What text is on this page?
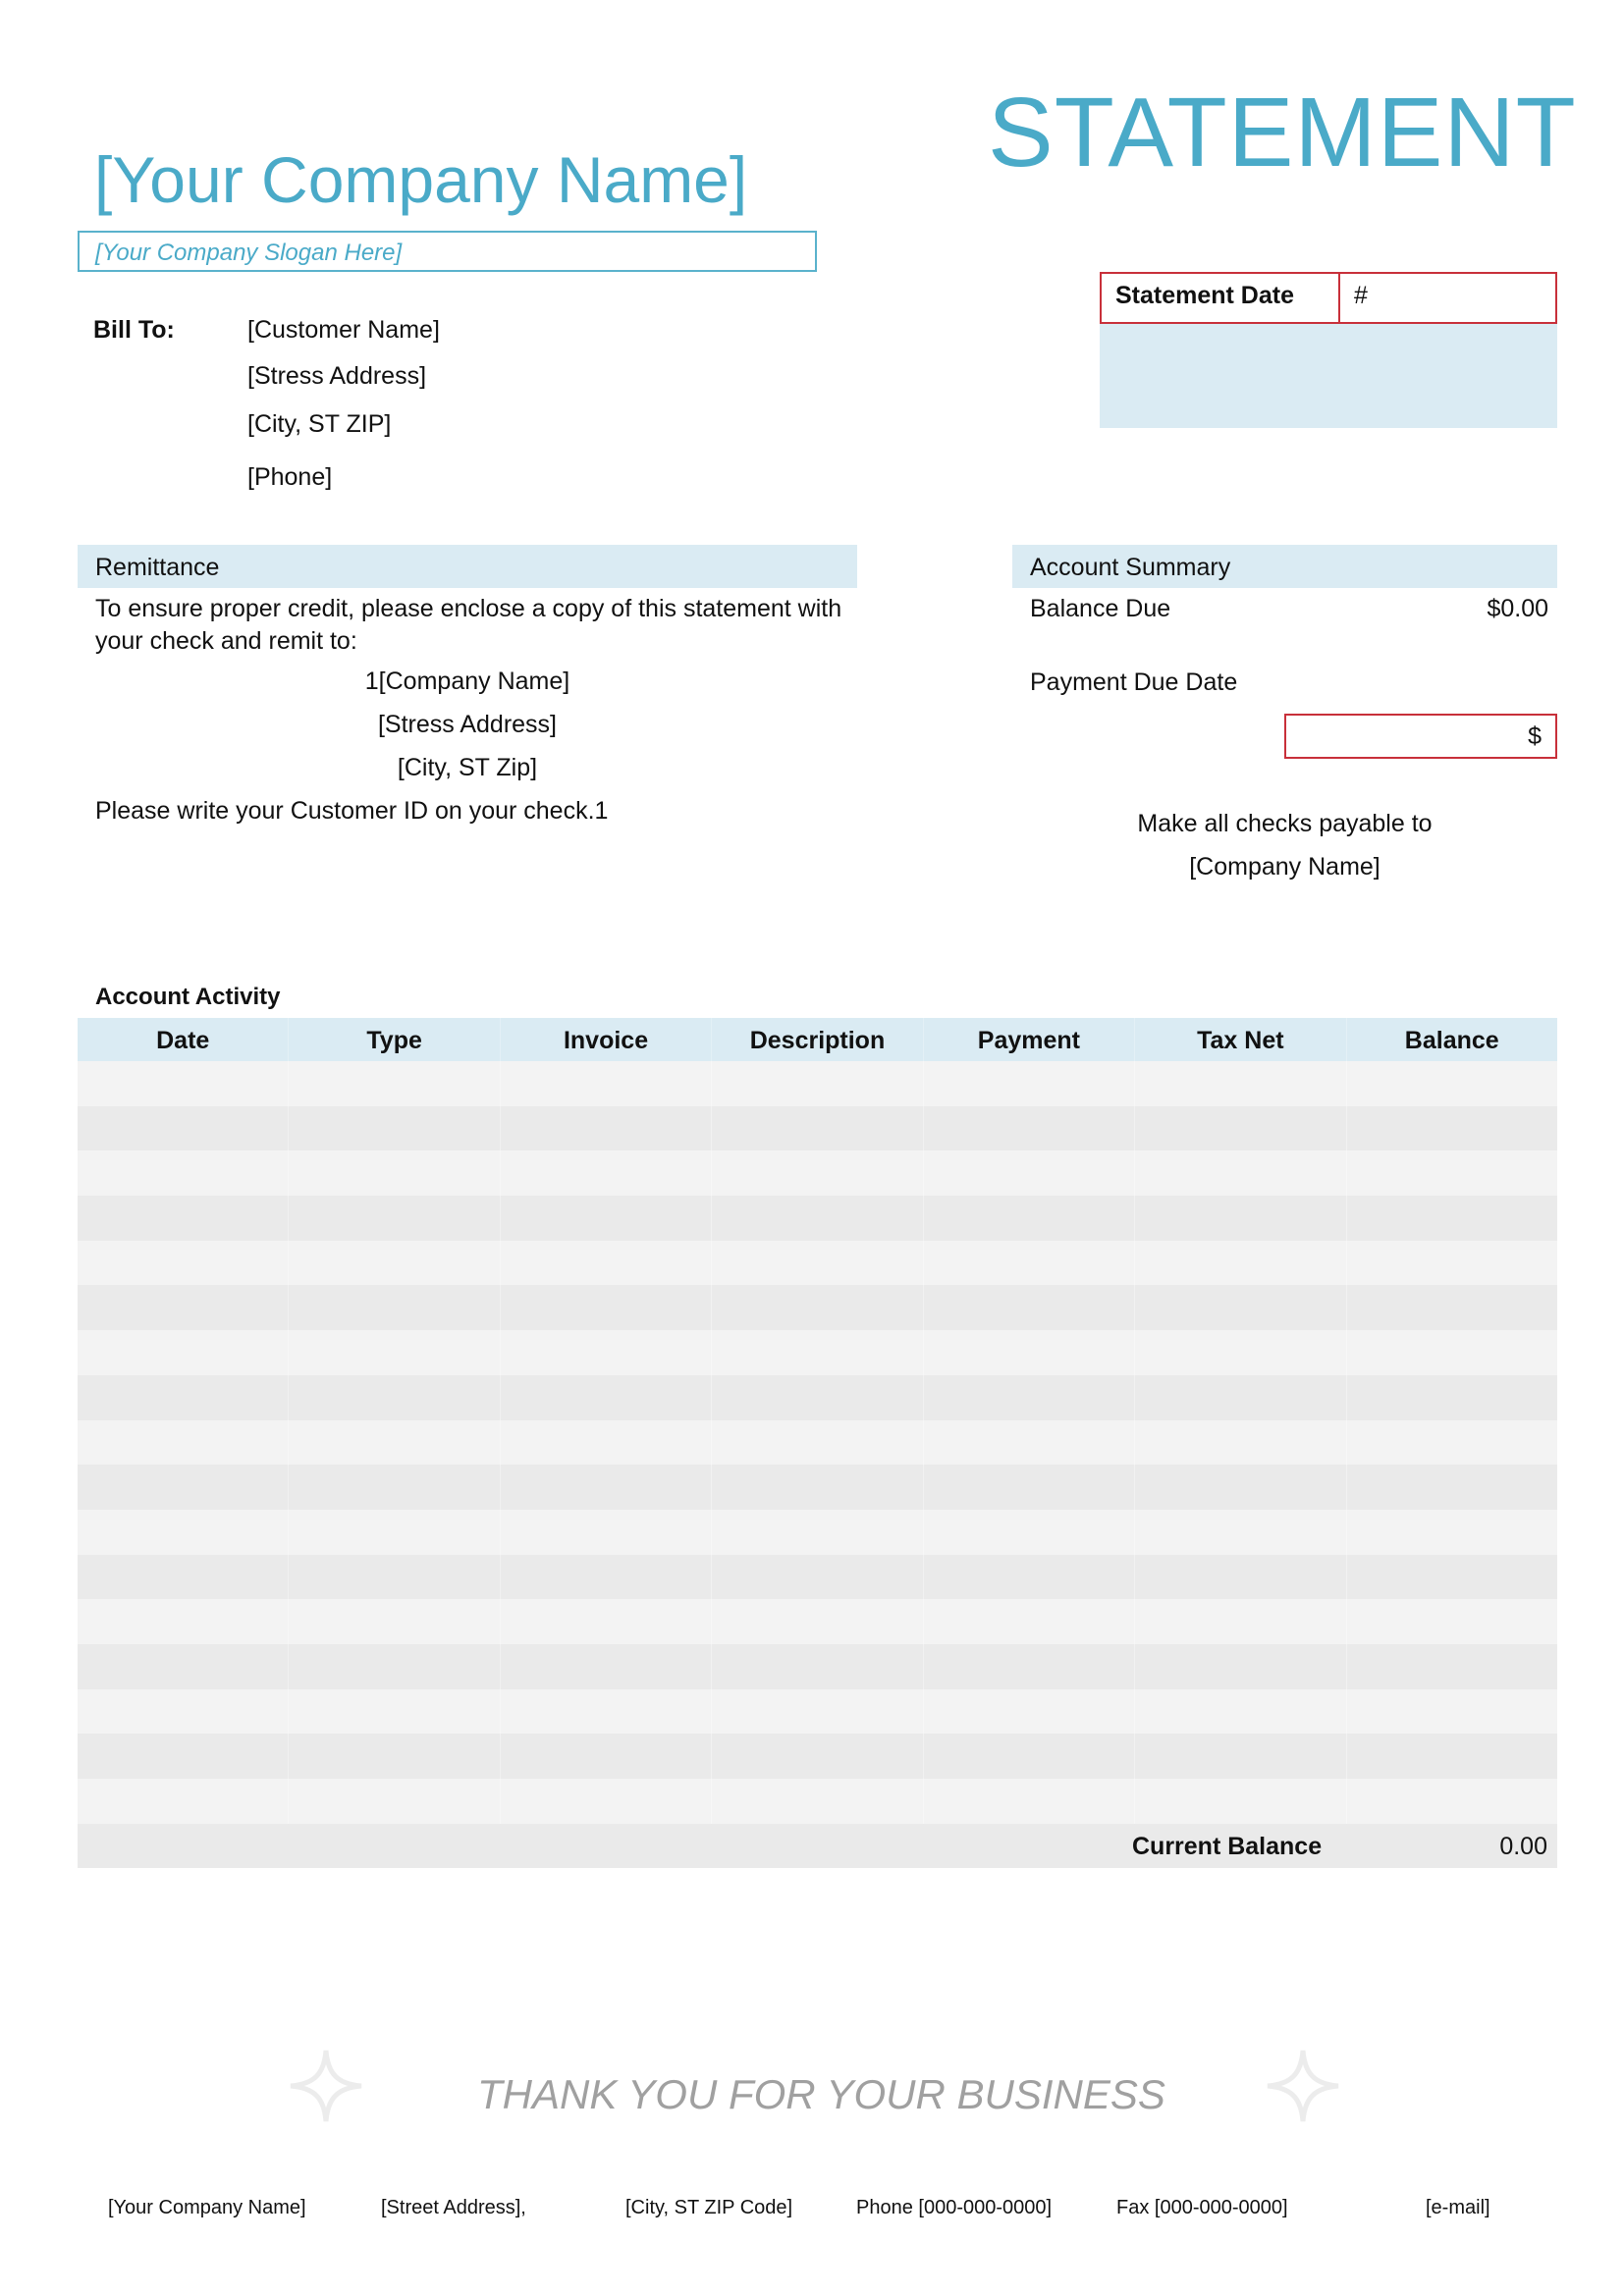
[Your Company Name]
[Your Company Slogan Here]
STATEMENT
Statement Date	#
Bill To:	[Customer Name]
[Stress Address]
[City, ST ZIP]
[Phone]
Remittance
To ensure proper credit, please enclose a copy of this statement with your check and remit to:
1[Company Name]
[Stress Address]
[City, ST Zip]
Please write your Customer ID on your check.1
Account Summary
Balance Due	$0.00
Payment Due Date
$
Make all checks payable to
[Company Name]
Account Activity
Date	Type	Invoice	Description	Payment	Tax Net	Balance
Current Balance	0.00
THANK YOU FOR YOUR BUSINESS
[Your Company Name]	[Street Address],	[City, ST ZIP Code]	Phone [000-000-0000]	Fax [000-000-0000]	[e-mail]
